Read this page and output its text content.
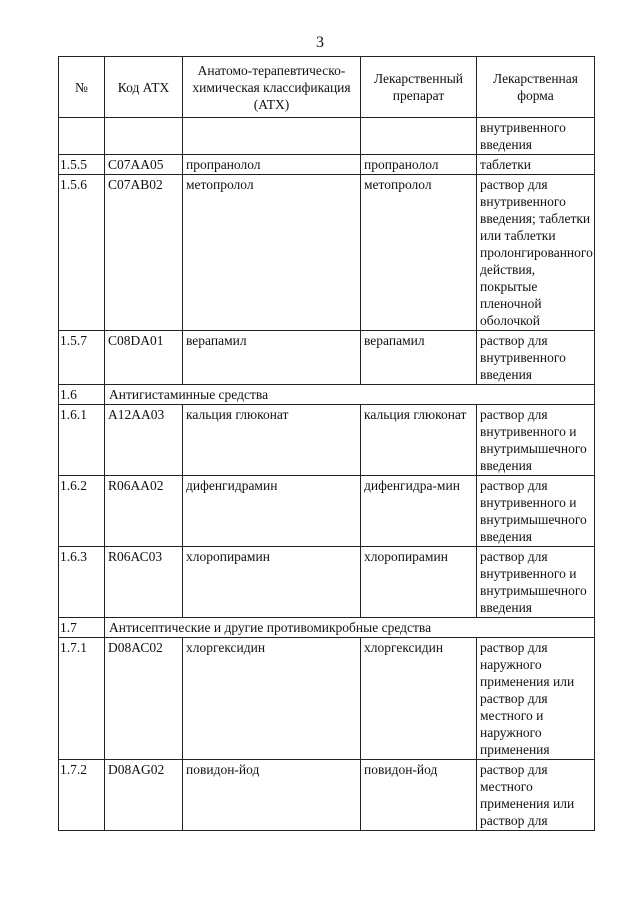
3
№	Код АТХ	Анатомо-терапевтическо-химическая классификация (АТХ)	Лекарственный препарат	Лекарственная форма
				внутривенного введения
1.5.5	С07АА05	пропранолол	пропранолол	таблетки
1.5.6	С07АВ02	метопролол	метопролол	раствор для внутривенного введения; таблетки или таблетки пролонгированного действия, покрытые пленочной оболочкой
1.5.7	С08DА01	верапамил	верапамил	раствор для внутривенного введения
1.6	Антигистаминные средства			
1.6.1	А12АА03	кальция глюконат	кальция глюконат	раствор для внутривенного и внутримышечного введения
1.6.2	R06АА02	дифенгидрамин	дифенгидра-мин	раствор для внутривенного и внутримышечного введения
1.6.3	R06АС03	хлоропирамин	хлоропирамин	раствор для внутривенного и внутримышечного введения
1.7	Антисептические и другие противомикробные средства			
1.7.1	D08АС02	хлоргексидин	хлоргексидин	раствор для наружного применения или раствор для местного и наружного применения
1.7.2	D08АG02	повидон-йод	повидон-йод	раствор для местного применения или раствор для
